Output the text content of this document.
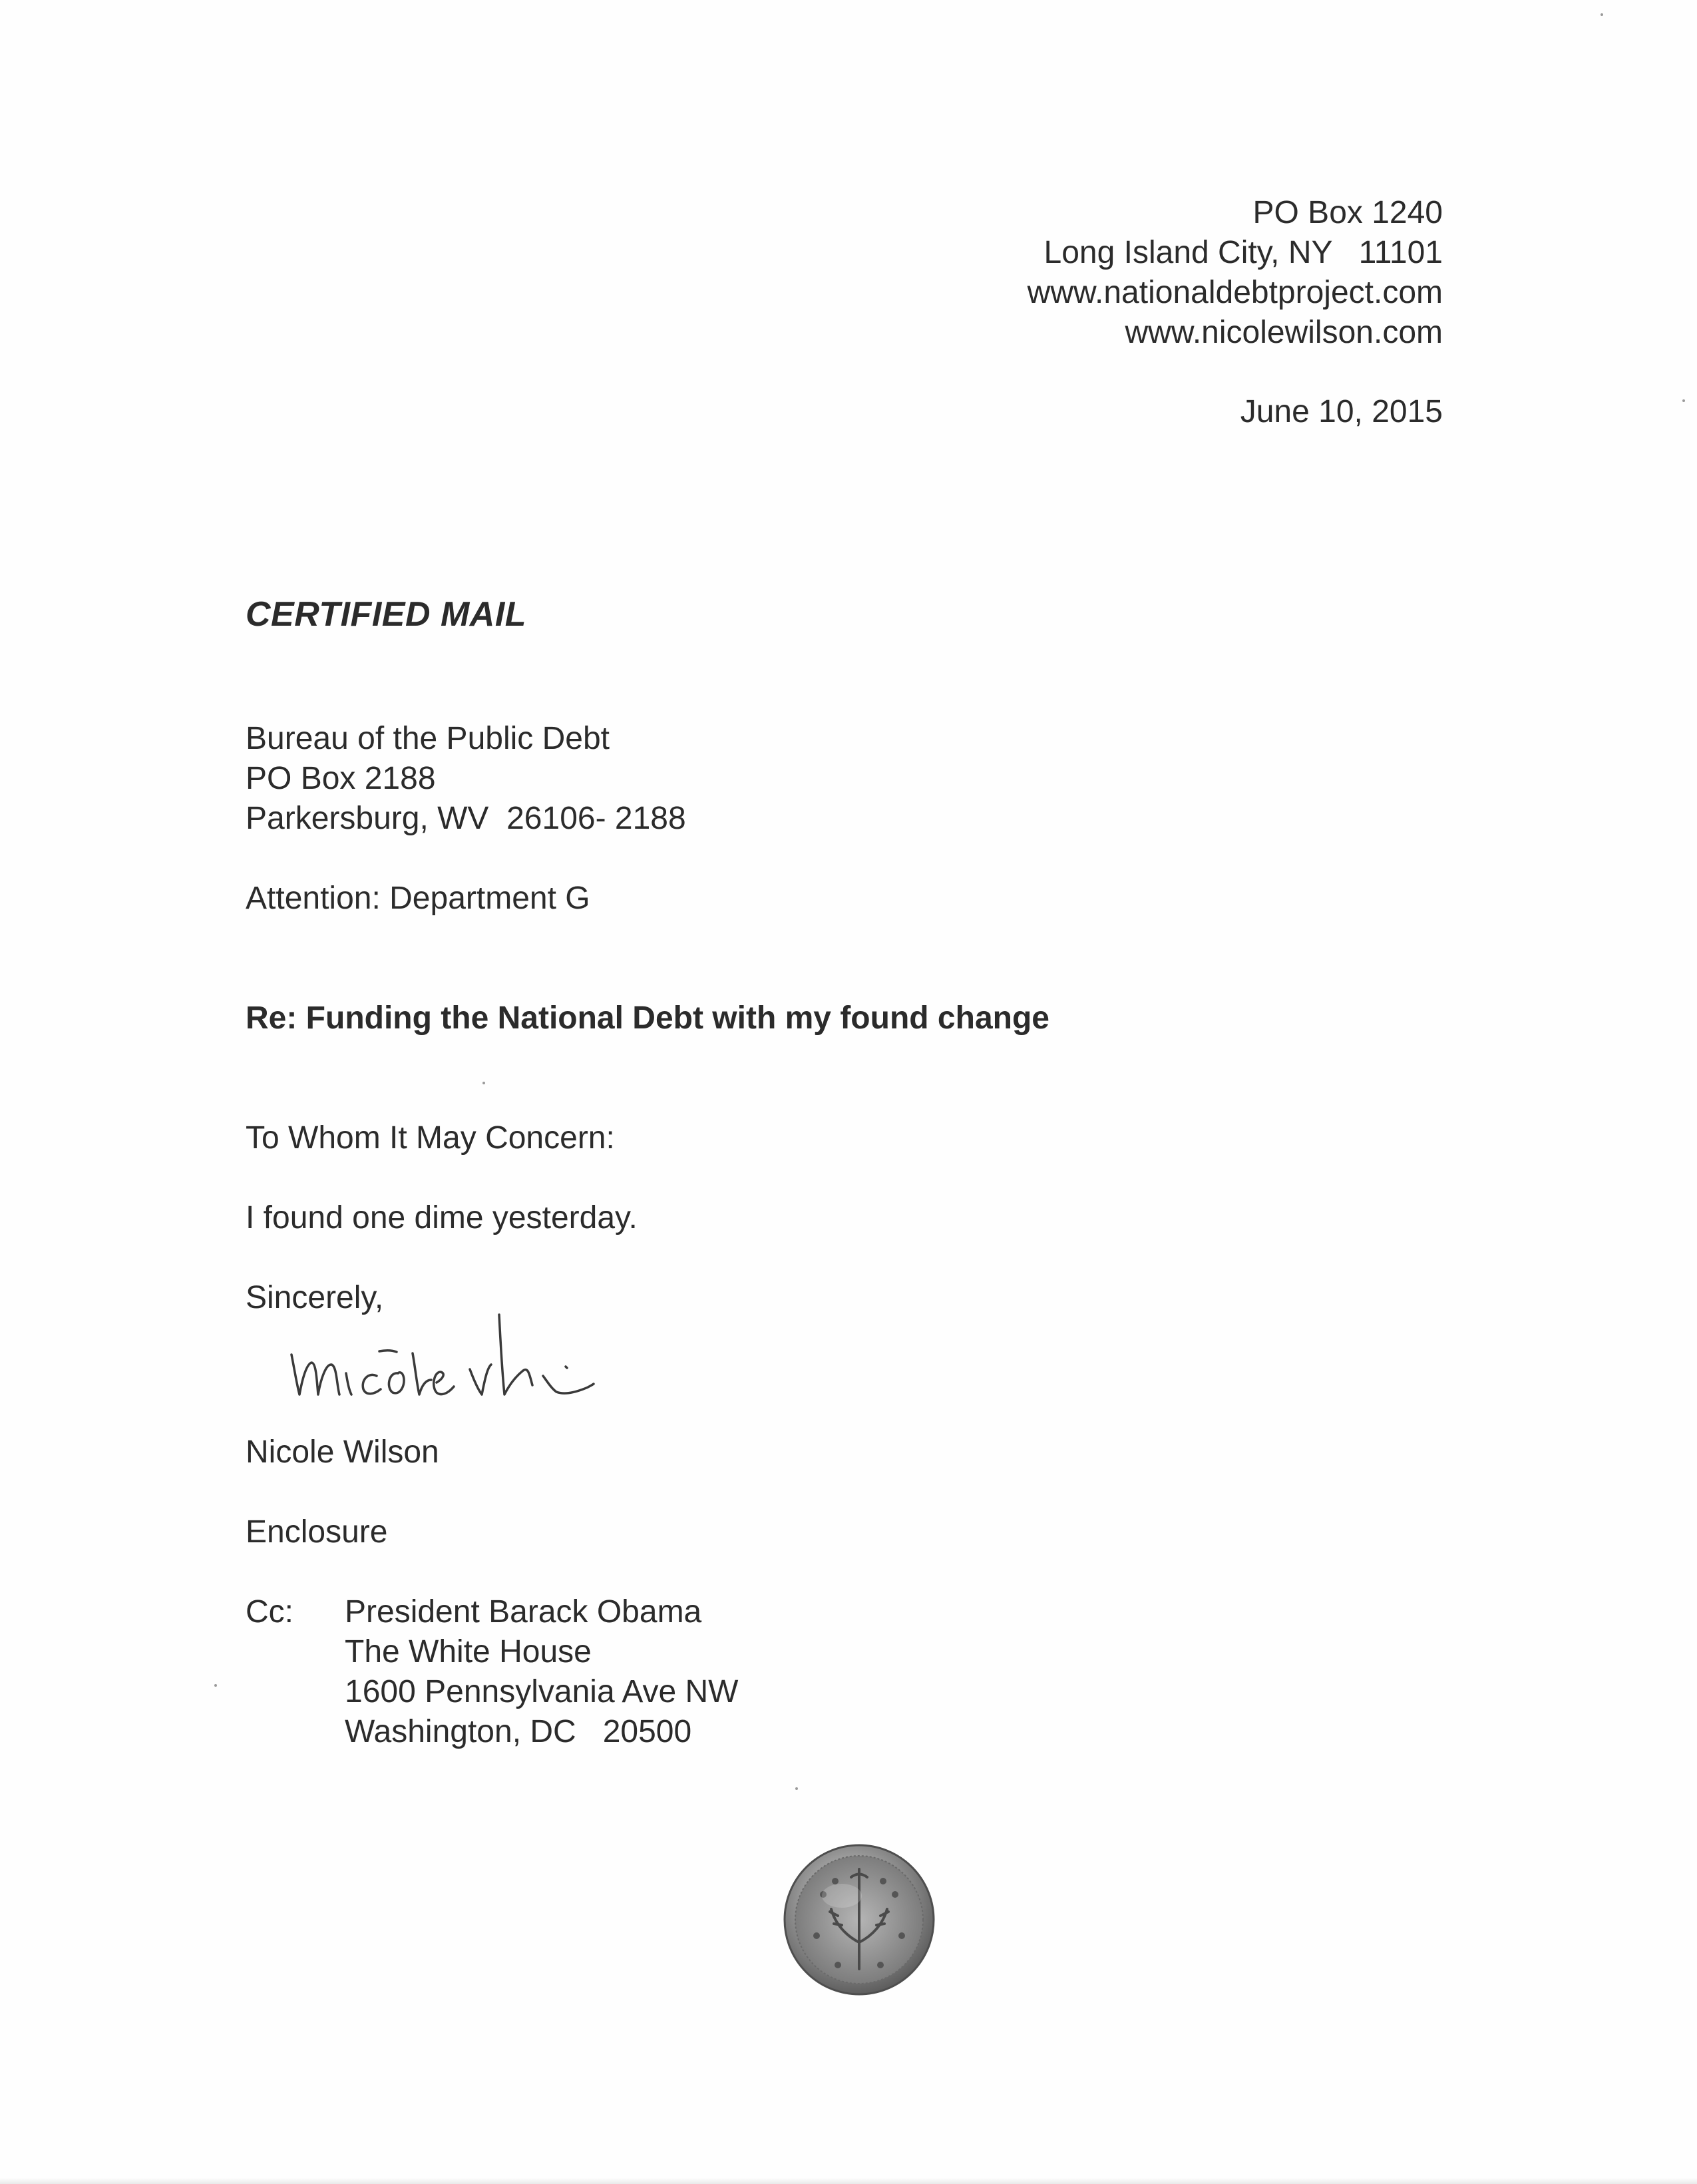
PO Box 1240
Long Island City, NY   11101
www.nationaldebtproject.com
www.nicolewilson.com
June 10, 2015
CERTIFIED MAIL
Bureau of the Public Debt
PO Box 2188
Parkersburg, WV  26106- 2188
Attention: Department G
Re: Funding the National Debt with my found change
To Whom It May Concern:
I found one dime yesterday.
Sincerely,
Nicole Wilson
Enclosure
Cc: President Barack Obama
The White House
1600 Pennsylvania Ave NW
Washington, DC   20500
